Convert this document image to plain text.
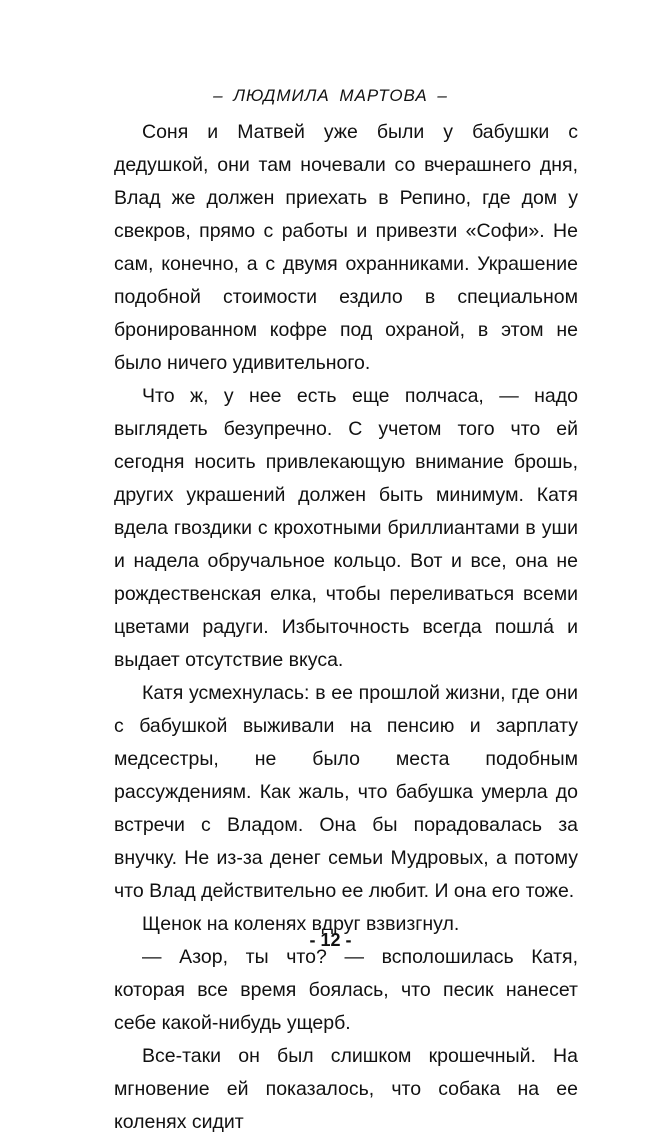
– ЛЮДМИЛА МАРТОВА –

Соня и Матвей уже были у бабушки с дедушкой, они там ночевали со вчерашнего дня, Влад же должен приехать в Репино, где дом у свекров, прямо с работы и привезти «Софи». Не сам, конечно, а с двумя охранниками. Украшение подобной стоимости ездило в специальном бронированном кофре под охраной, в этом не было ничего удивительного.

Что ж, у нее есть еще полчаса, — надо выглядеть безупречно. С учетом того что ей сегодня носить привлекающую внимание брошь, других украшений должен быть минимум. Катя вдела гвоздики с крохотными бриллиантами в уши и надела обручальное кольцо. Вот и все, она не рождественская елка, чтобы переливаться всеми цветами радуги. Избыточность всегда пошла́ и выдает отсутствие вкуса.

Катя усмехнулась: в ее прошлой жизни, где они с бабушкой выживали на пенсию и зарплату медсестры, не было места подобным рассуждениям. Как жаль, что бабушка умерла до встречи с Владом. Она бы порадовалась за внучку. Не из-за денег семьи Мудровых, а потому что Влад действительно ее любит. И она его тоже.

Щенок на коленях вдруг взвизгнул.

— Азор, ты что? — всполошилась Катя, которая все время боялась, что песик нанесет себе какой-нибудь ущерб.

Все-таки он был слишком крошечный. На мгновение ей показалось, что собака на ее коленях сидит

- 12 -
